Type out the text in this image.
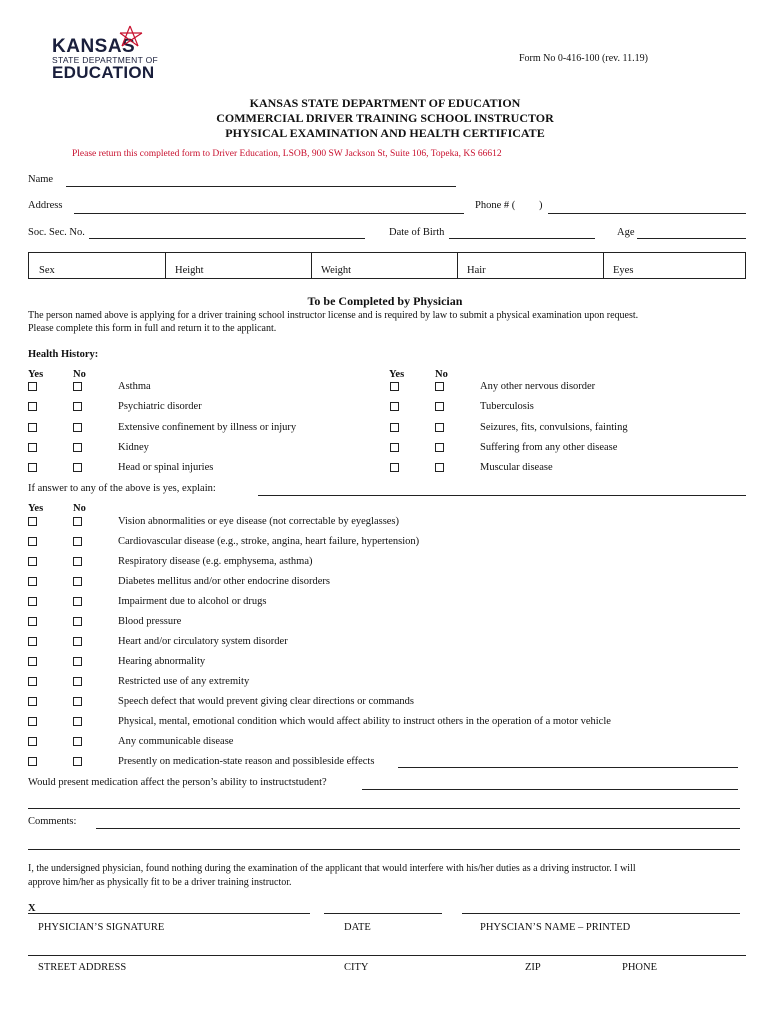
KANSAS
STATE DEPARTMENT OF
EDUCATION
Form No 0-416-100 (rev. 11.19)
KANSAS STATE DEPARTMENT OF EDUCATION
COMMERCIAL DRIVER TRAINING SCHOOL INSTRUCTOR
PHYSICAL EXAMINATION AND HEALTH CERTIFICATE
Please return this completed form to Driver Education, LSOB, 900 SW Jackson St, Suite 106, Topeka, KS 66612
Name
Address	Phone # ( )
Soc. Sec. No.	Date of Birth	Age
Sex	Height	Weight	Hair	Eyes
To be Completed by Physician
The person named above is applying for a driver training school instructor license and is required by law to submit a physical examination upon request.
Please complete this form in full and return it to the applicant.
Health History:
Yes	No	Yes	No
Asthma	Any other nervous disorder
Psychiatric disorder	Tuberculosis
Extensive confinement by illness or injury	Seizures, fits, convulsions, fainting
Kidney	Suffering from any other disease
Head or spinal injuries	Muscular disease
If answer to any of the above is yes, explain:
Yes	No
Vision abnormalities or eye disease (not correctable by eyeglasses)
Cardiovascular disease (e.g., stroke, angina, heart failure, hypertension)
Respiratory disease (e.g. emphysema, asthma)
Diabetes mellitus and/or other endocrine disorders
Impairment due to alcohol or drugs
Blood pressure
Heart and/or circulatory system disorder
Hearing abnormality
Restricted use of any extremity
Speech defect that would prevent giving clear directions or commands
Physical, mental, emotional condition which would affect ability to instruct others in the operation of a motor vehicle
Any communicable disease
Presently on medication-state reason and possibleside effects
Would present medication affect the person’s ability to instructstudent?
Comments:
I, the undersigned physician, found nothing during the examination of the applicant that would interfere with his/her duties as a driving instructor. I will
approve him/her as physically fit to be a driver training instructor.
X
PHYSICIAN’S SIGNATURE	DATE	PHYSCIAN’S NAME – PRINTED
STREET ADDRESS	CITY	ZIP	PHONE
